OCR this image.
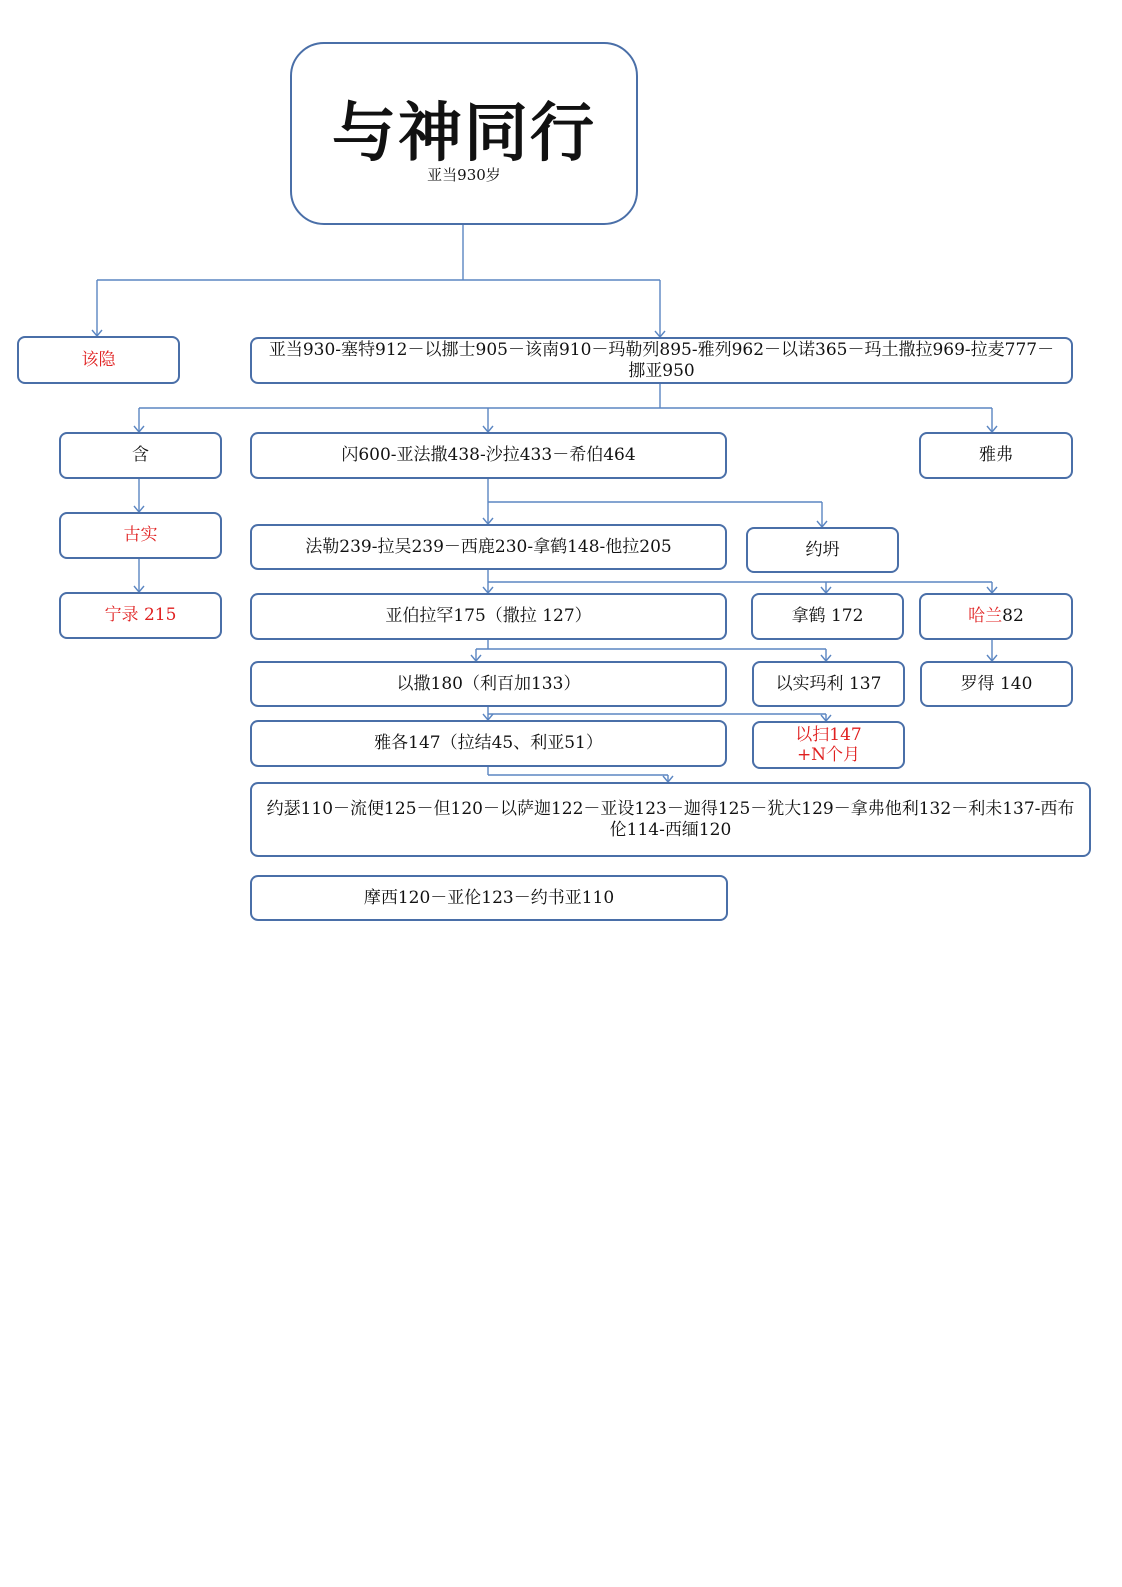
与神同行
亚当930岁
该隐	亚当930-塞特912－以挪士905－该南910－玛勒列895-雅列962－以诺365－玛土撒拉969-拉麦777－挪亚950
含	闪600-亚法撒438-沙拉433－希伯464	雅弗
古实
法勒239-拉吴239－西鹿230-拿鹤148-他拉205	约坍
宁录 215	亚伯拉罕175（撒拉 127）	拿鹤 172	哈兰 82
以撒180（利百加133）	以实玛利 137	罗得 140
雅各147（拉结45、利亚51）	以扫147
+N个月
约瑟110－流便125－但120－以萨迦122－亚设123－迦得125－犹大129－拿弗他利132－利未137-西布伦114-西缅120
摩西120－亚伦123－约书亚110
